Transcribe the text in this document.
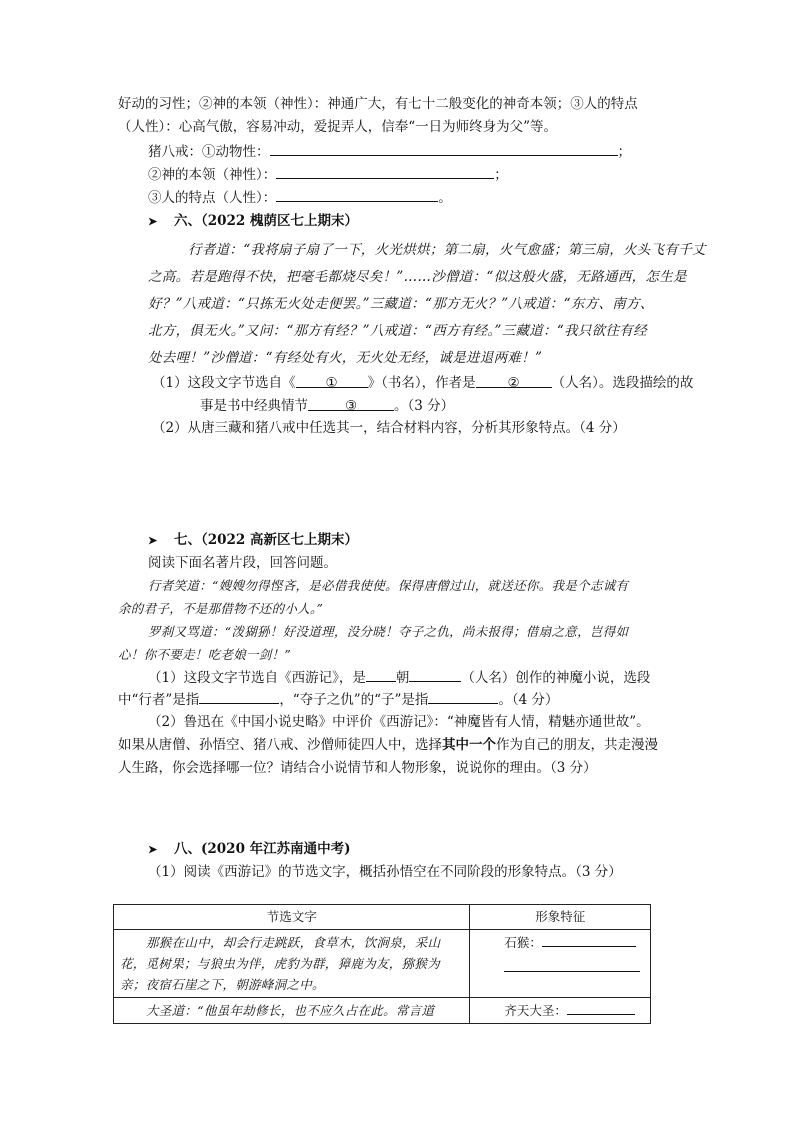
好动的习性；②神的本领（神性）：神通广大，有七十二般变化的神奇本领；③人的特点
（人性）：心高气傲，容易冲动，爱捉弄人，信奉“一日为师终身为父”等。
猪八戒：①动物性：	；
②神的本领（神性）：	；
③人的特点（人性）：	。
➤ 六、（2022 槐荫区七上期末）
行者道：“我将扇子扇了一下，火光烘烘；第二扇，火气愈盛；第三扇，火头飞有千丈
之高。若是跑得不快，把毫毛都烧尽矣！”……沙僧道：“似这般火盛，无路通西，怎生是
好？”八戒道：“只拣无火处走便罢。”三藏道：“那方无火？”八戒道：“东方、南方、
北方，俱无火。”又问：“那方有经？”八戒道：“西方有经。”三藏道：“我只欲往有经
处去哩！”沙僧道：“有经处有火，无火处无经，诚是进退两难！”
（1）这段文字节选自《 ① 》（书名），作者是 ② （人名）。选段描绘的故
事是书中经典情节	③	。（3 分）
（2）从唐三藏和猪八戒中任选其一，结合材料内容，分析其形象特点。（4 分）
➤ 七、（2022 高新区七上期末）
阅读下面名著片段，回答问题。
行者笑道：“嫂嫂勿得悭吝，是必借我使使。保得唐僧过山，就送还你。我是个志诚有
余的君子，不是那借物不还的小人。”
罗刹又骂道：“泼猢狲！好没道理，没分晓！夺子之仇，尚未报得；借扇之意，岂得如
心！你不要走！吃老娘一剑！”
（1）这段文字节选自《西游记》，是 朝	（人名）创作的神魔小说，选段
中“行者”是指	，“夺子之仇”的“子”是指	。（4 分）
（2）鲁迅在《中国小说史略》中评价《西游记》：“神魔皆有人情，精魅亦通世故”。
如果从唐僧、孙悟空、猪八戒、沙僧师徒四人中，选择其中一个作为自己的朋友，共走漫漫
人生路，你会选择哪一位？请结合小说情节和人物形象，说说你的理由。（3 分）
➤ 八、(2020 年江苏南通中考)
（1）阅读《西游记》的节选文字，概括孙悟空在不同阶段的形象特点。（3 分）
节选文字	形象特征

那猴在山中，却会行走跳跃，食草木，饮涧泉，采山
花，觅树果；与狼虫为伴，虎豹为群，獐鹿为友，猕猴为
亲；夜宿石崖之下，朝游峰洞之中。	石猴：

大圣道：“他虽年劫修长，也不应久占在此。常言道	齐天大圣：
